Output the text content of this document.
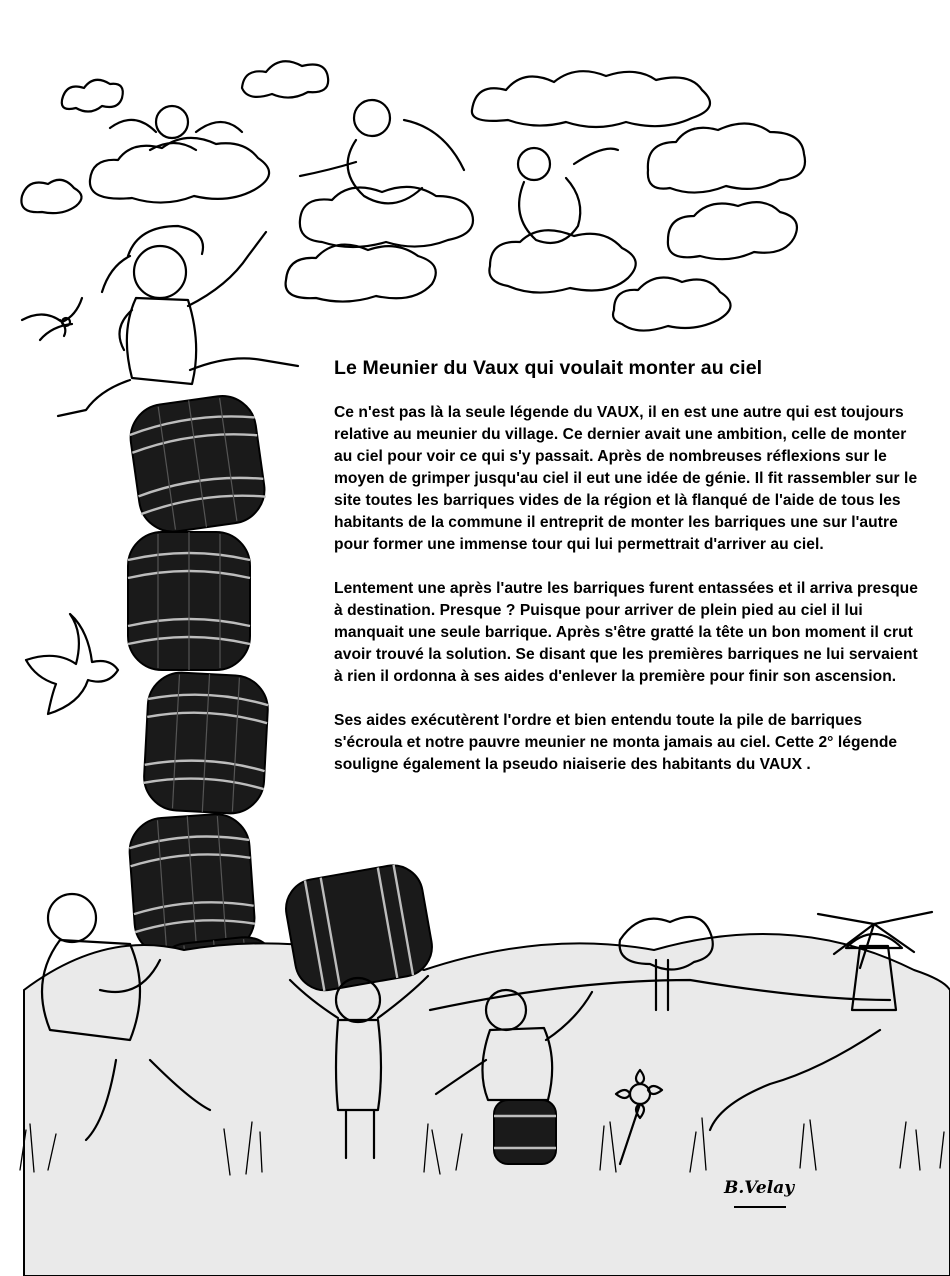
Le Meunier du Vaux qui voulait monter au ciel

Ce n'est pas là la seule légende du VAUX, il en est une autre qui est toujours relative au meunier du village. Ce dernier avait une ambition, celle de monter au ciel pour voir ce qui s'y passait. Après de nombreuses réflexions sur le moyen de grimper jusqu'au ciel il eut une idée de génie. Il fit rassembler sur le site toutes les barriques vides de la région et là flanqué de l'aide de tous les habitants de la commune il entreprit de monter les barriques une sur l'autre pour former une immense tour qui lui permettrait d'arriver au ciel.

Lentement une après l'autre les barriques furent entassées et il arriva presque à destination. Presque ? Puisque pour arriver de plein pied au ciel il lui manquait une seule barrique. Après s'être gratté la tête un bon moment il crut avoir trouvé la solution. Se disant que les premières barriques ne lui servaient à rien il ordonna à ses aides d'enlever la première pour finir son ascension.

Ses aides exécutèrent l'ordre et bien entendu toute la pile de barriques s'écroula et notre pauvre meunier ne monta jamais au ciel. Cette 2° légende souligne également la pseudo niaiserie des habitants du VAUX .

B.Velay
